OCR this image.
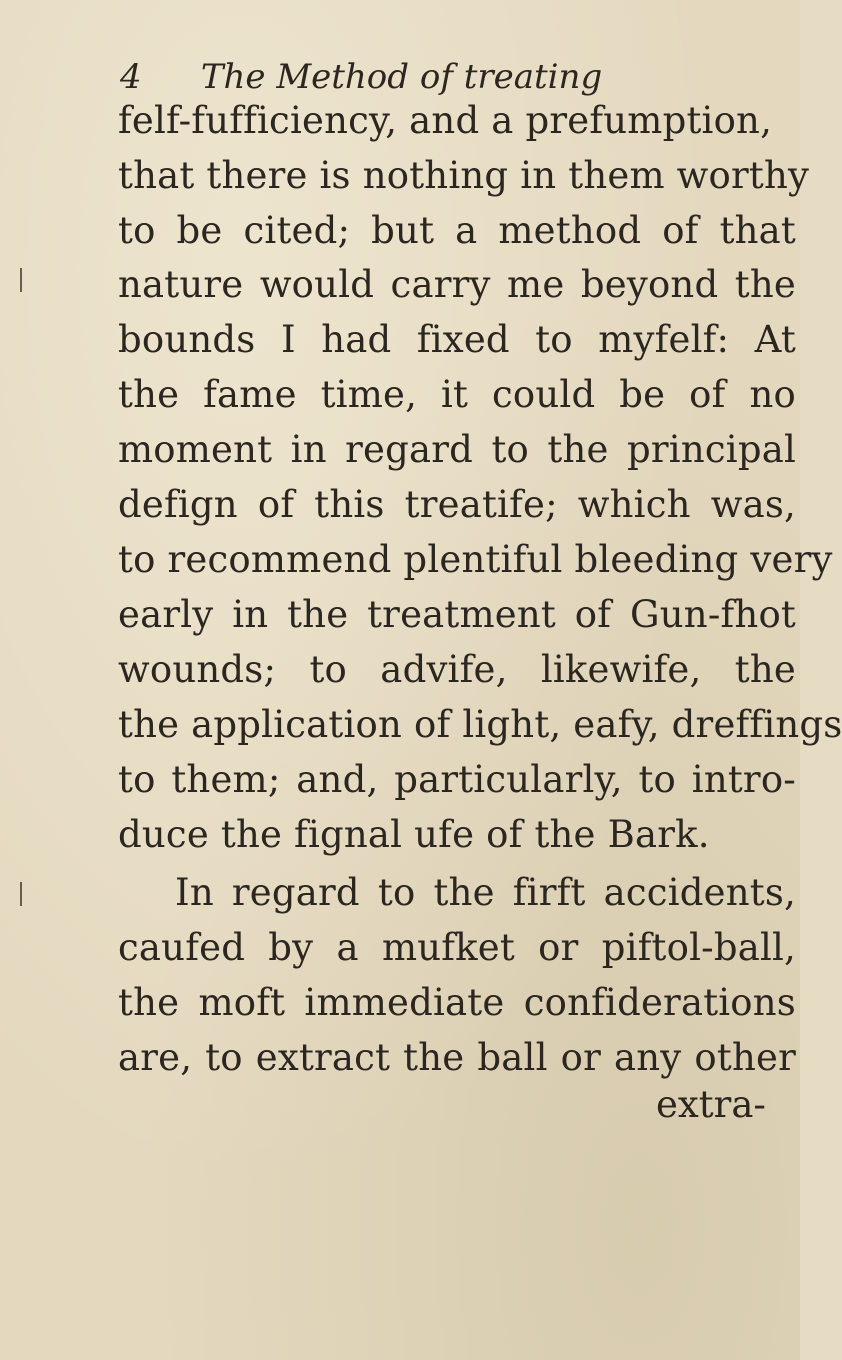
4 The Method of treating
felf-fufficiency, and a prefumption,
that there is nothing in them worthy
to be cited; but a method of that
nature would carry me beyond the
bounds I had fixed to myfelf: At
the fame time, it could be of no
moment in regard to the principal
defign of this treatife; which was,
to recommend plentiful bleeding very
early in the treatment of Gun-fhot
wounds; to advife, likewife, the
the application of light, eafy, dreffings
to them; and, particularly, to intro-
duce the fignal ufe of the Bark.
In regard to the firft accidents,
caufed by a mufket or piftol-ball,
the moft immediate confiderations
are, to extract the ball or any other
extra-
